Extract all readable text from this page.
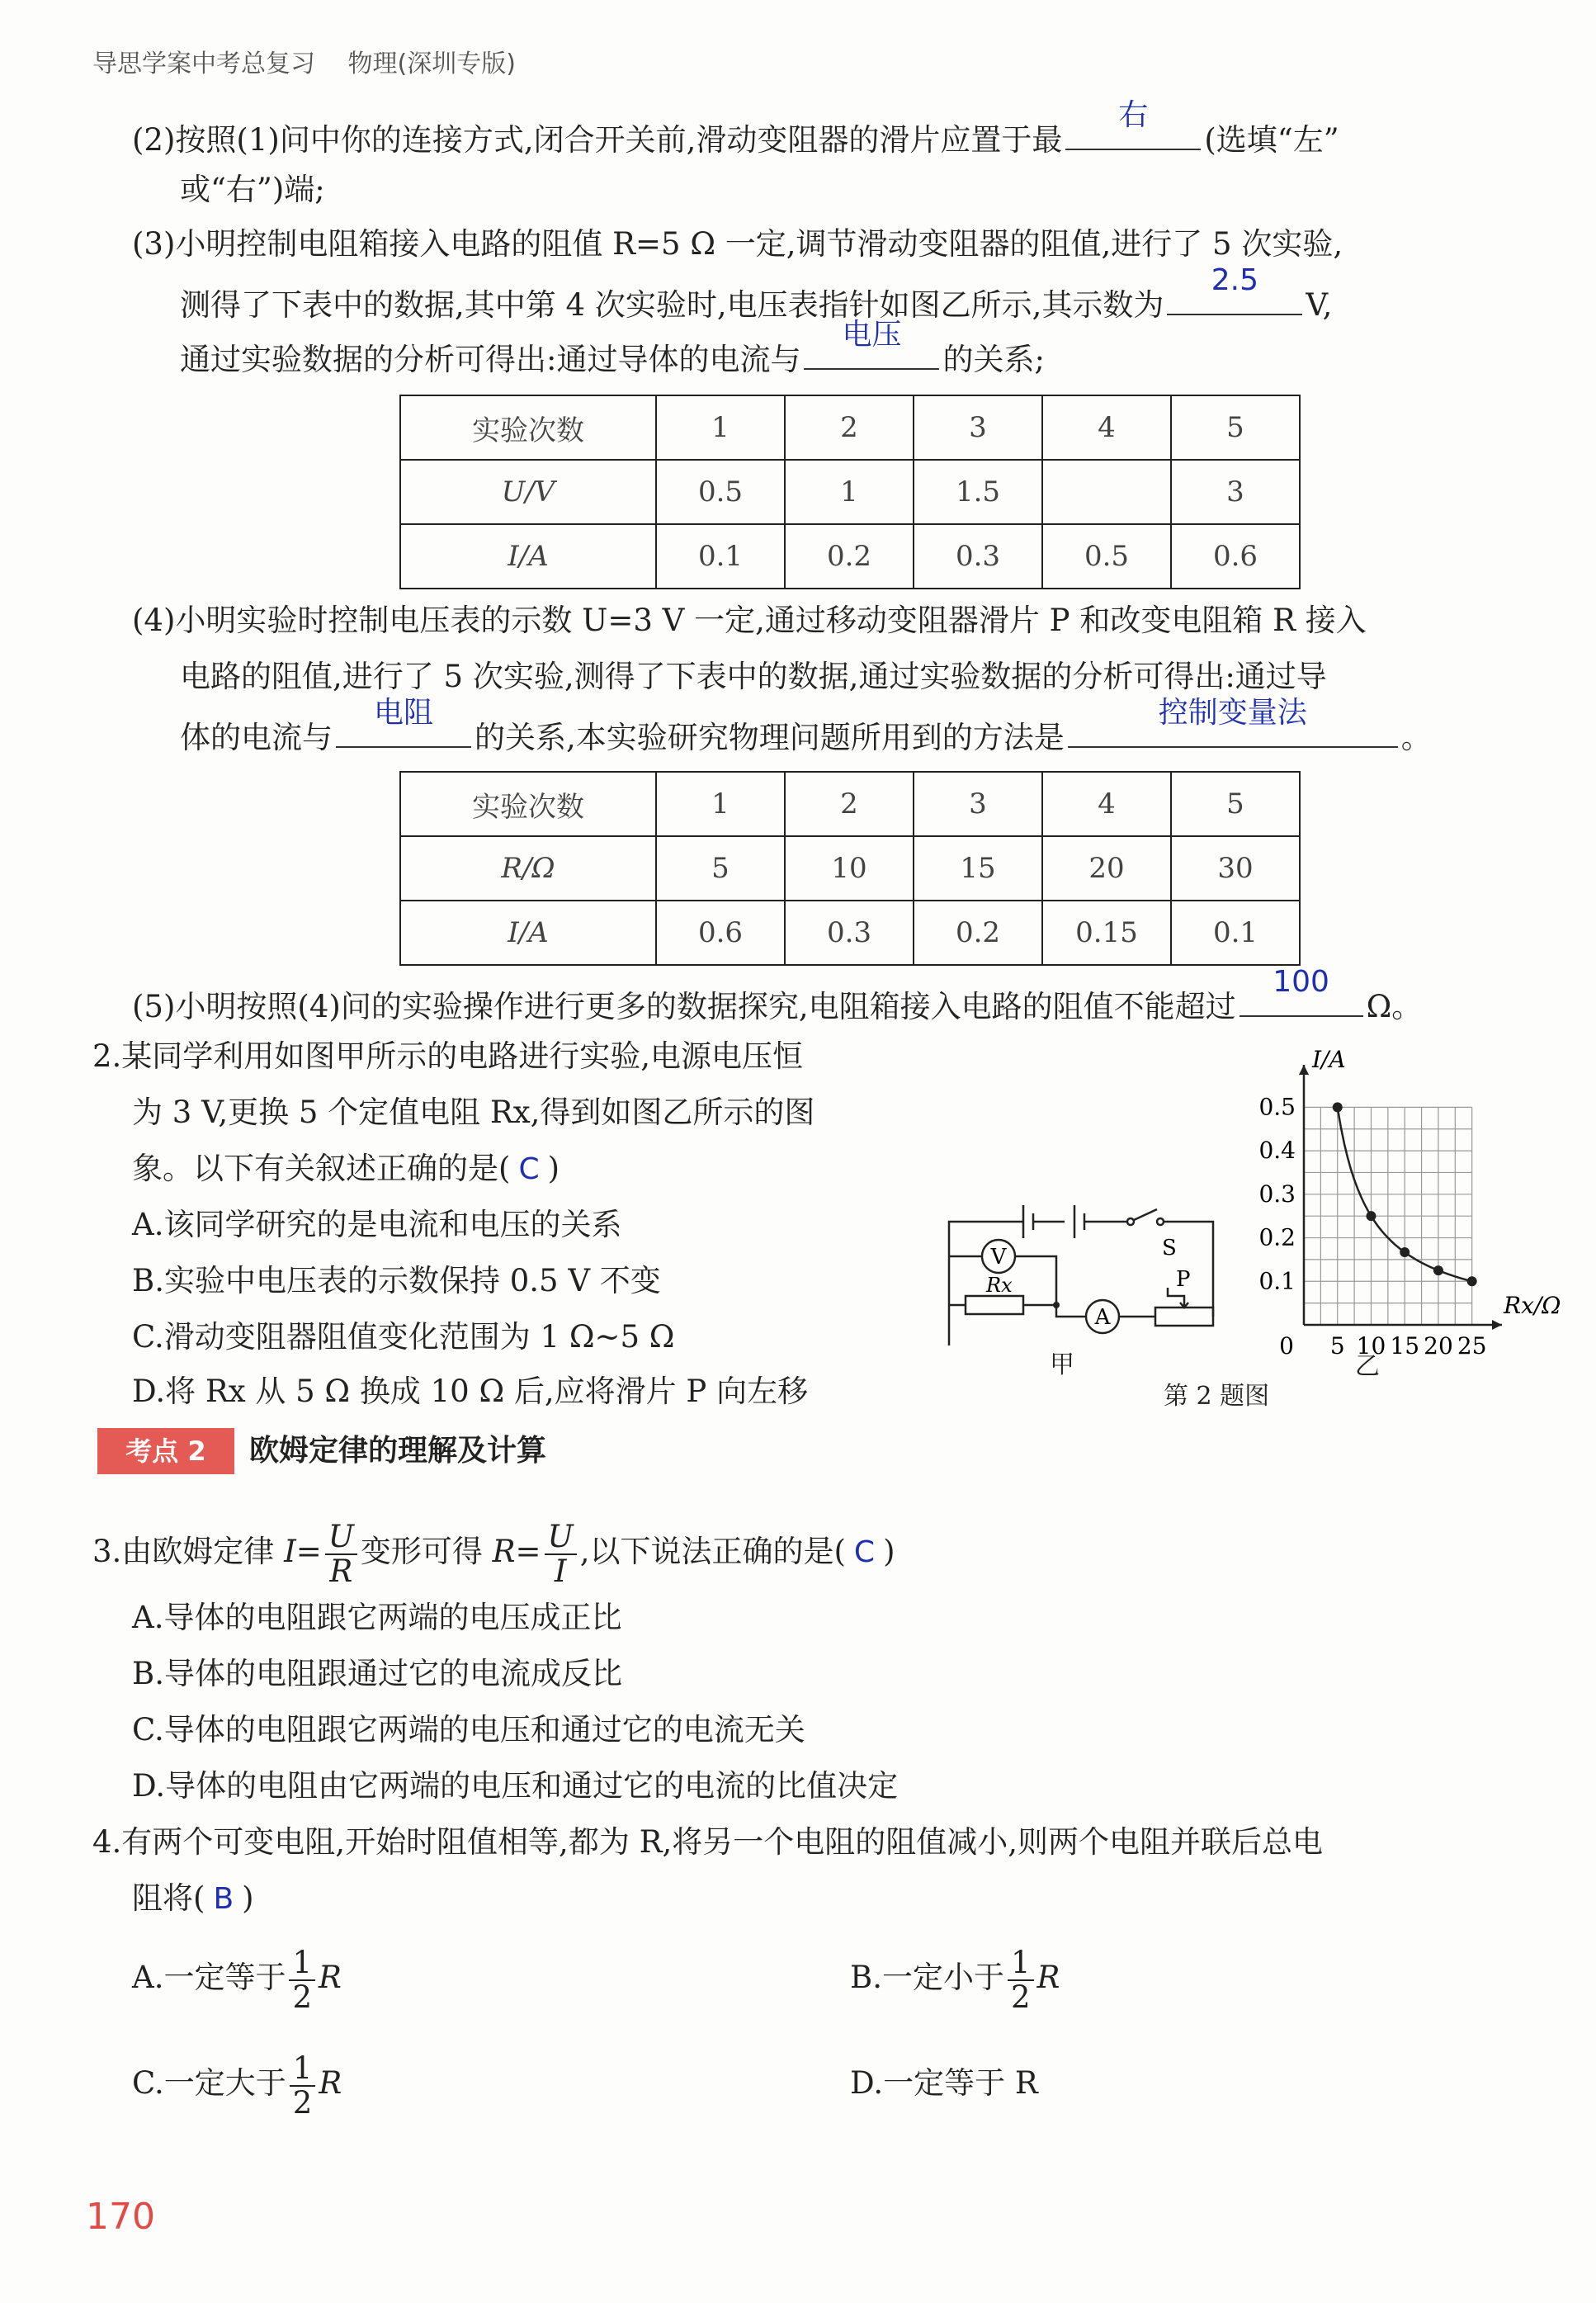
导思学案中考总复习 物理(深圳专版)
(2)按照(1)问中你的连接方式,闭合开关前,滑动变阻器的滑片应置于最
右
(选填“左”
或“右”)端;
(3)小明控制电阻箱接入电路的阻值 R=5 Ω 一定,调节滑动变阻器的阻值,进行了 5 次实验,
测得了下表中的数据,其中第 4 次实验时,电压表指针如图乙所示,其示数为
2.5
V,
通过实验数据的分析可得出:通过导体的电流与
电压
的关系;
实验次数	1	2	3	4	5
U/V	0.5	1	1.5		3
I/A	0.1	0.2	0.3	0.5	0.6
(4)小明实验时控制电压表的示数 U=3 V 一定,通过移动变阻器滑片 P 和改变电阻箱 R 接入
电路的阻值,进行了 5 次实验,测得了下表中的数据,通过实验数据的分析可得出:通过导
体的电流与
电阻
的关系,本实验研究物理问题所用到的方法是
控制变量法
。
实验次数	1	2	3	4	5
R/Ω	5	10	15	20	30
I/A	0.6	0.3	0.2	0.15	0.1
(5)小明按照(4)问的实验操作进行更多的数据探究,电阻箱接入电路的阻值不能超过
100
Ω。
2.某同学利用如图甲所示的电路进行实验,电源电压恒
为 3 V,更换 5 个定值电阻 Rx,得到如图乙所示的图
象。以下有关叙述正确的是( C )
A.该同学研究的是电流和电压的关系
B.实验中电压表的示数保持 0.5 V 不变
C.滑动变阻器阻值变化范围为 1 Ω~5 Ω
D.将 Rx 从 5 Ω 换成 10 Ω 后,应将滑片 P 向左移
V
A
S
P
Rx
甲
5 10 15 20 25
0.1
0.2
0.3
0.4
0.5
0
I/A
Rx/Ω
乙
第 2 题图
考点 2	欧姆定律的理解及计算
3.由欧姆定律 $I= \frac{U}{R}$ 变形可得 $R= \frac{U}{I}$ ,以下说法正确的是( C )
A.导体的电阻跟它两端的电压成正比
B.导体的电阻跟通过它的电流成反比
C.导体的电阻跟它两端的电压和通过它的电流无关
D.导体的电阻由它两端的电压和通过它的电流的比值决定
4.有两个可变电阻,开始时阻值相等,都为 R,将另一个电阻的阻值减小,则两个电阻并联后总电
阻将( B )
A.一定等于 $\frac{1}{2}$ R	B.一定小于 $\frac{1}{2}$ R
C.一定大于 $\frac{1}{2}$ R	D.一定等于 R
170
